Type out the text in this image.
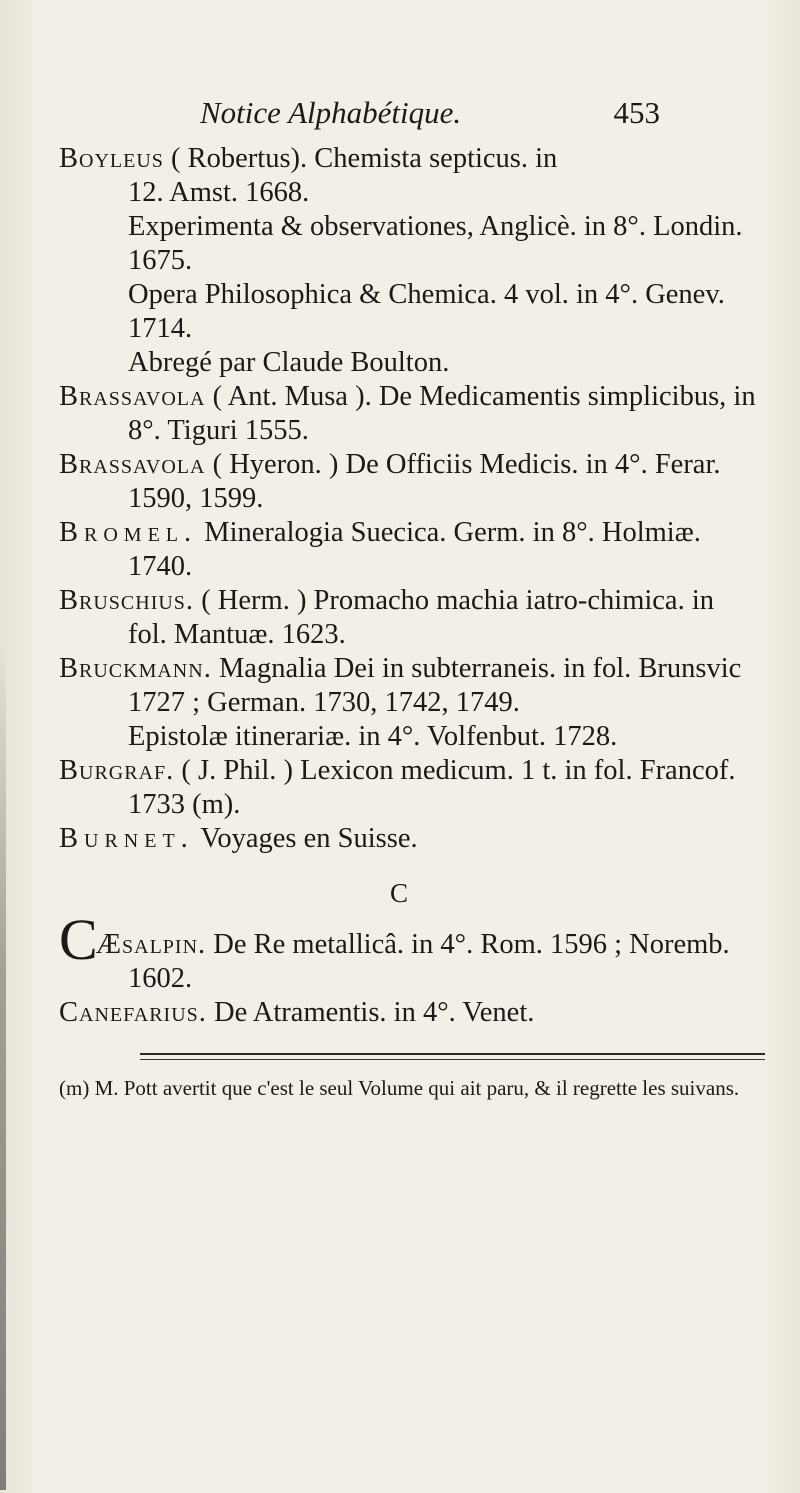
Notice Alphabétique.	453

Boyleus ( Robertus). Chemista septicus. in
12. Amst. 1668.
Experimenta & observationes, Anglicè. in 8°. Londin. 1675.
Opera Philosophica & Chemica. 4 vol. in 4°. Genev. 1714.
Abregé par Claude Boulton.

Brassavola ( Ant. Musa ). De Medicamentis simplicibus, in 8°. Tiguri 1555.

Brassavola ( Hyeron. ) De Officiis Medicis. in 4°. Ferar. 1590, 1599.

Bromel. Mineralogia Suecica. Germ. in 8°. Holmiæ. 1740.

Bruschius. ( Herm. ) Promacho machia iatro-chimica. in fol. Mantuæ. 1623.

Bruckmann. Magnalia Dei in subterraneis. in fol. Brunsvic 1727 ; German. 1730, 1742, 1749.
Epistolæ itinerariæ. in 4°. Volfenbut. 1728.

Burgraf. ( J. Phil. ) Lexicon medicum. 1 t. in fol. Francof. 1733 (m).

Burnet. Voyages en Suisse.

C

CÆsalpin. De Re metallicâ. in 4°. Rom. 1596 ; Noremb. 1602.

Canefarius. De Atramentis. in 4°. Venet.

(m) M. Pott avertit que c'est le seul Volume qui ait paru, & il regrette les suivans.
